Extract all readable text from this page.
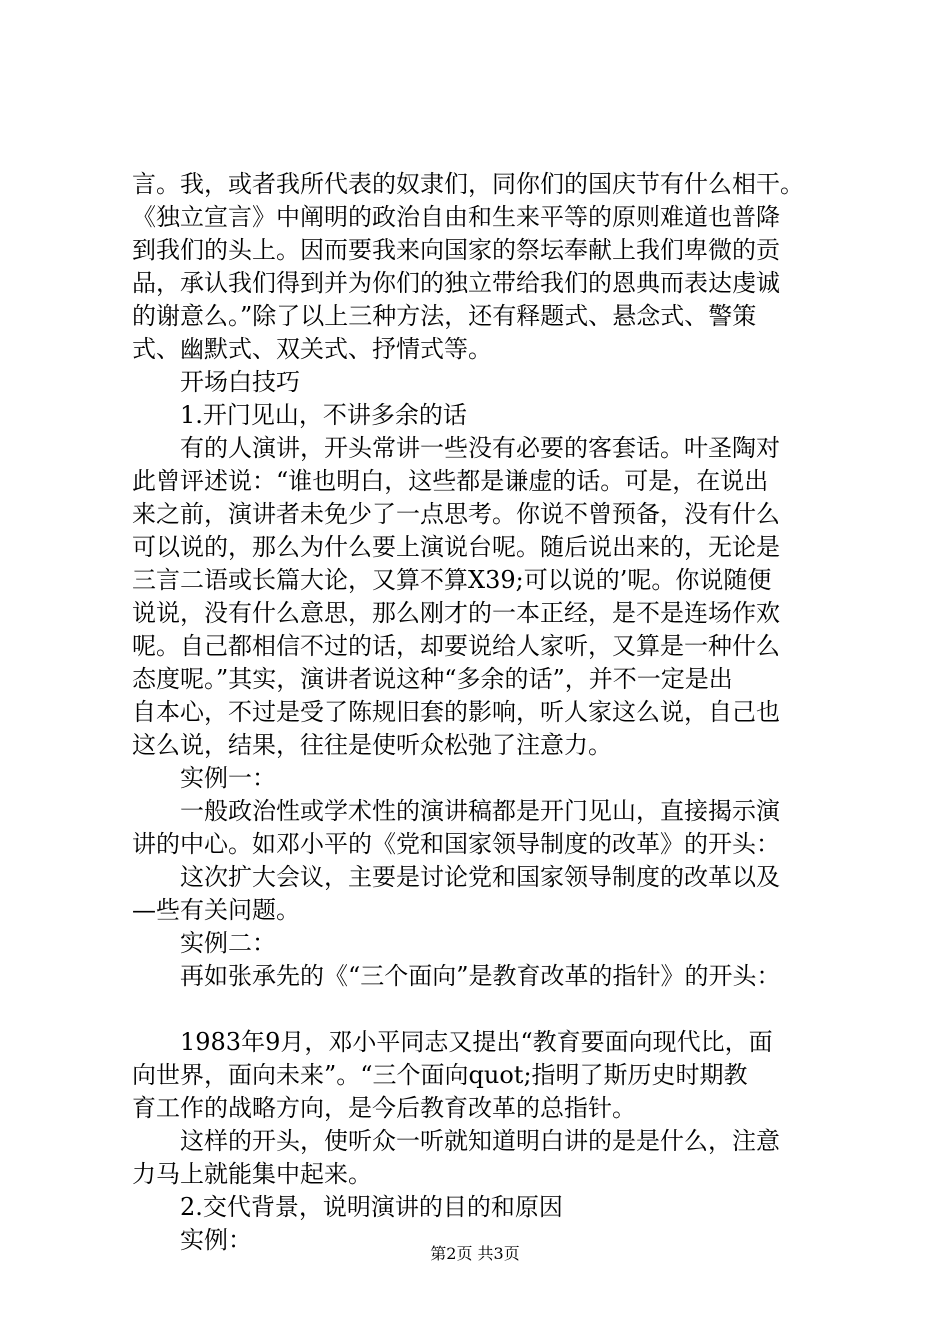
言。我，或者我所代表的奴隶们，同你们的国庆节有什么相干。
《独立宣言》中阐明的政治自由和生来平等的原则难道也普降
到我们的头上。因而要我来向国家的祭坛奉献上我们卑微的贡
品，承认我们得到并为你们的独立带给我们的恩典而表达虔诚
的谢意么。”除了以上三种方法，还有释题式、悬念式、警策
式、幽默式、双关式、抒情式等。
开场白技巧
1.开门见山，不讲多余的话
有的人演讲，开头常讲一些没有必要的客套话。叶圣陶对
此曾评述说：“谁也明白，这些都是谦虚的话。可是，在说出
来之前，演讲者未免少了一点思考。你说不曾预备，没有什么
可以说的，那么为什么要上演说台呢。随后说出来的，无论是
三言二语或长篇大论，又算不算X39;可以说的’呢。你说随便
说说，没有什么意思，那么刚才的一本正经，是不是连场作欢
呢。自己都相信不过的话，却要说给人家听，又算是一种什么
态度呢。”其实，演讲者说这种“多余的话”，并不一定是出
自本心，不过是受了陈规旧套的影响，听人家这么说，自己也
这么说，结果，往往是使听众松弛了注意力。
实例一：
一般政治性或学术性的演讲稿都是开门见山，直接揭示演
讲的中心。如邓小平的《党和国家领导制度的改革》的开头：
这次扩大会议，主要是讨论党和国家领导制度的改革以及
—些有关问题。
实例二：
再如张承先的《“三个面向”是教育改革的指针》的开头：
1983年9月，邓小平同志又提出“教育要面向现代比，面
向世界，面向未来”。“三个面向quot;指明了斯历史时期教
育工作的战略方向，是今后教育改革的总指针。
这样的开头，使听众一听就知道明白讲的是是什么，注意
力马上就能集中起来。
2.交代背景，说明演讲的目的和原因
实例：	第2页 共3页
